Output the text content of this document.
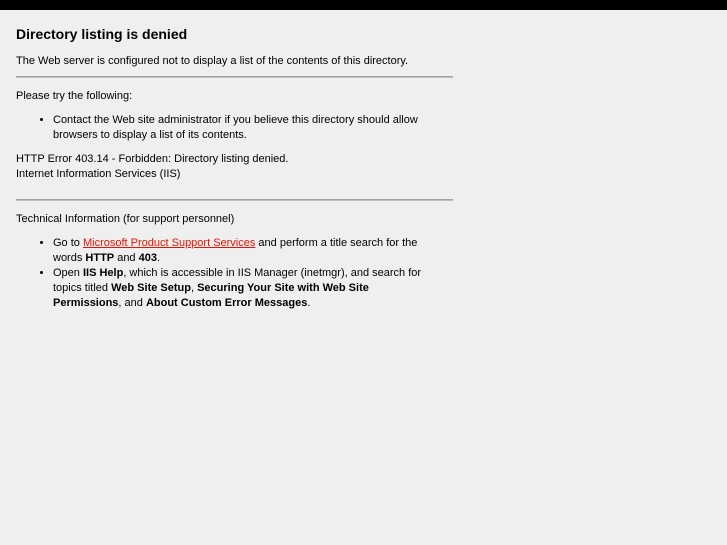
Directory listing is denied

The Web server is configured not to display a list of the contents of this directory.

Please try the following:

• Contact the Web site administrator if you believe this directory should allow
browsers to display a list of its contents.

HTTP Error 403.14 - Forbidden: Directory listing denied.
Internet Information Services (IIS)

Technical Information (for support personnel)

• Go to Microsoft Product Support Services and perform a title search for the
words HTTP and 403.
• Open IIS Help, which is accessible in IIS Manager (inetmgr), and search for
topics titled Web Site Setup, Securing Your Site with Web Site
Permissions, and About Custom Error Messages.
